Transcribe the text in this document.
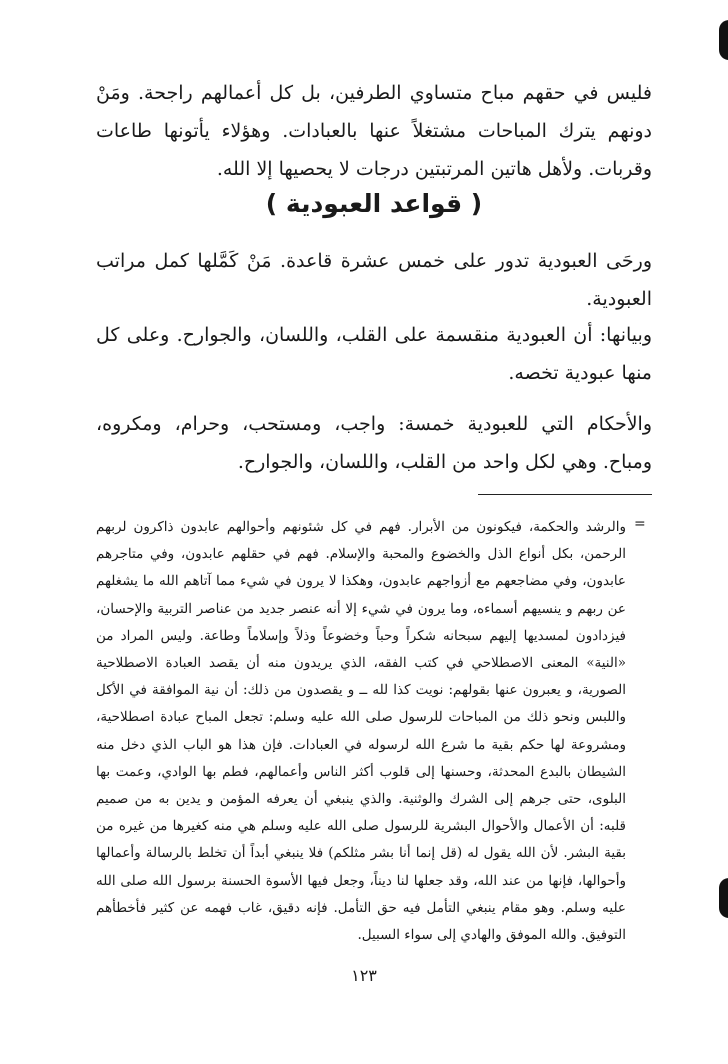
فليس في حقهم مباح متساوي الطرفين، بل كل أعمالهم راجحة. ومَنْ دونهم يترك المباحات مشتغلاً عنها بالعبادات. وهؤلاء يأتونها طاعات وقربات. ولأهل هاتين المرتبتين درجات لا يحصيها إلا الله.

( قواعد العبودية )

ورحَى العبودية تدور على خمس عشرة قاعدة. مَنْ كَمَّلها كمل مراتب العبودية.

وبيانها: أن العبودية منقسمة على القلب، واللسان، والجوارح. وعلى كل منها عبودية تخصه.

والأحكام التي للعبودية خمسة: واجب، ومستحب، وحرام، ومكروه، ومباح. وهي لكل واحد من القلب، واللسان، والجوارح.

=

والرشد والحكمة، فيكونون من الأبرار. فهم في كل شئونهم وأحوالهم عابدون ذاكرون لربهم الرحمن، بكل أنواع الذل والخضوع والمحبة والإسلام. فهم في حقلهم عابدون، وفي متاجرهم عابدون، وفي مضاجعهم مع أزواجهم عابدون، وهكذا لا يرون في شيء مما آتاهم الله ما يشغلهم عن ربهم و ينسيهم أسماءه، وما يرون في شيء إلا أنه عنصر جديد من عناصر التربية والإحسان، فيزدادون لمسديها إليهم سبحانه شكراً وحباً وخضوعاً وذلاً وإسلاماً وطاعة. وليس المراد من «النية» المعنى الاصطلاحي في كتب الفقه، الذي يريدون منه أن يقصد العبادة الاصطلاحية الصورية، و يعبرون عنها بقولهم: نويت كذا لله ــ و يقصدون من ذلك: أن نية الموافقة في الأكل واللبس ونحو ذلك من المباحات للرسول صلى الله عليه وسلم: تجعل المباح عبادة اصطلاحية، ومشروعة لها حكم بقية ما شرع الله لرسوله في العبادات. فإن هذا هو الباب الذي دخل منه الشيطان بالبدع المحدثة، وحسنها إلى قلوب أكثر الناس وأعمالهم، فطم بها الوادي، وعمت بها البلوى، حتى جرهم إلى الشرك والوثنية. والذي ينبغي أن يعرفه المؤمن و يدين به من صميم قلبه: أن الأعمال والأحوال البشرية للرسول صلى الله عليه وسلم هي منه كغيرها من غيره من بقية البشر. لأن الله يقول له (قل إنما أنا بشر مثلكم) فلا ينبغي أبداً أن تخلط بالرسالة وأعمالها وأحوالها، فإنها من عند الله، وقد جعلها لنا ديناً، وجعل فيها الأسوة الحسنة برسول الله صلى الله عليه وسلم. وهو مقام ينبغي التأمل فيه حق التأمل. فإنه دقيق، غاب فهمه عن كثير فأخطأهم التوفيق. والله الموفق والهادي إلى سواء السبيل.

١٢٣
